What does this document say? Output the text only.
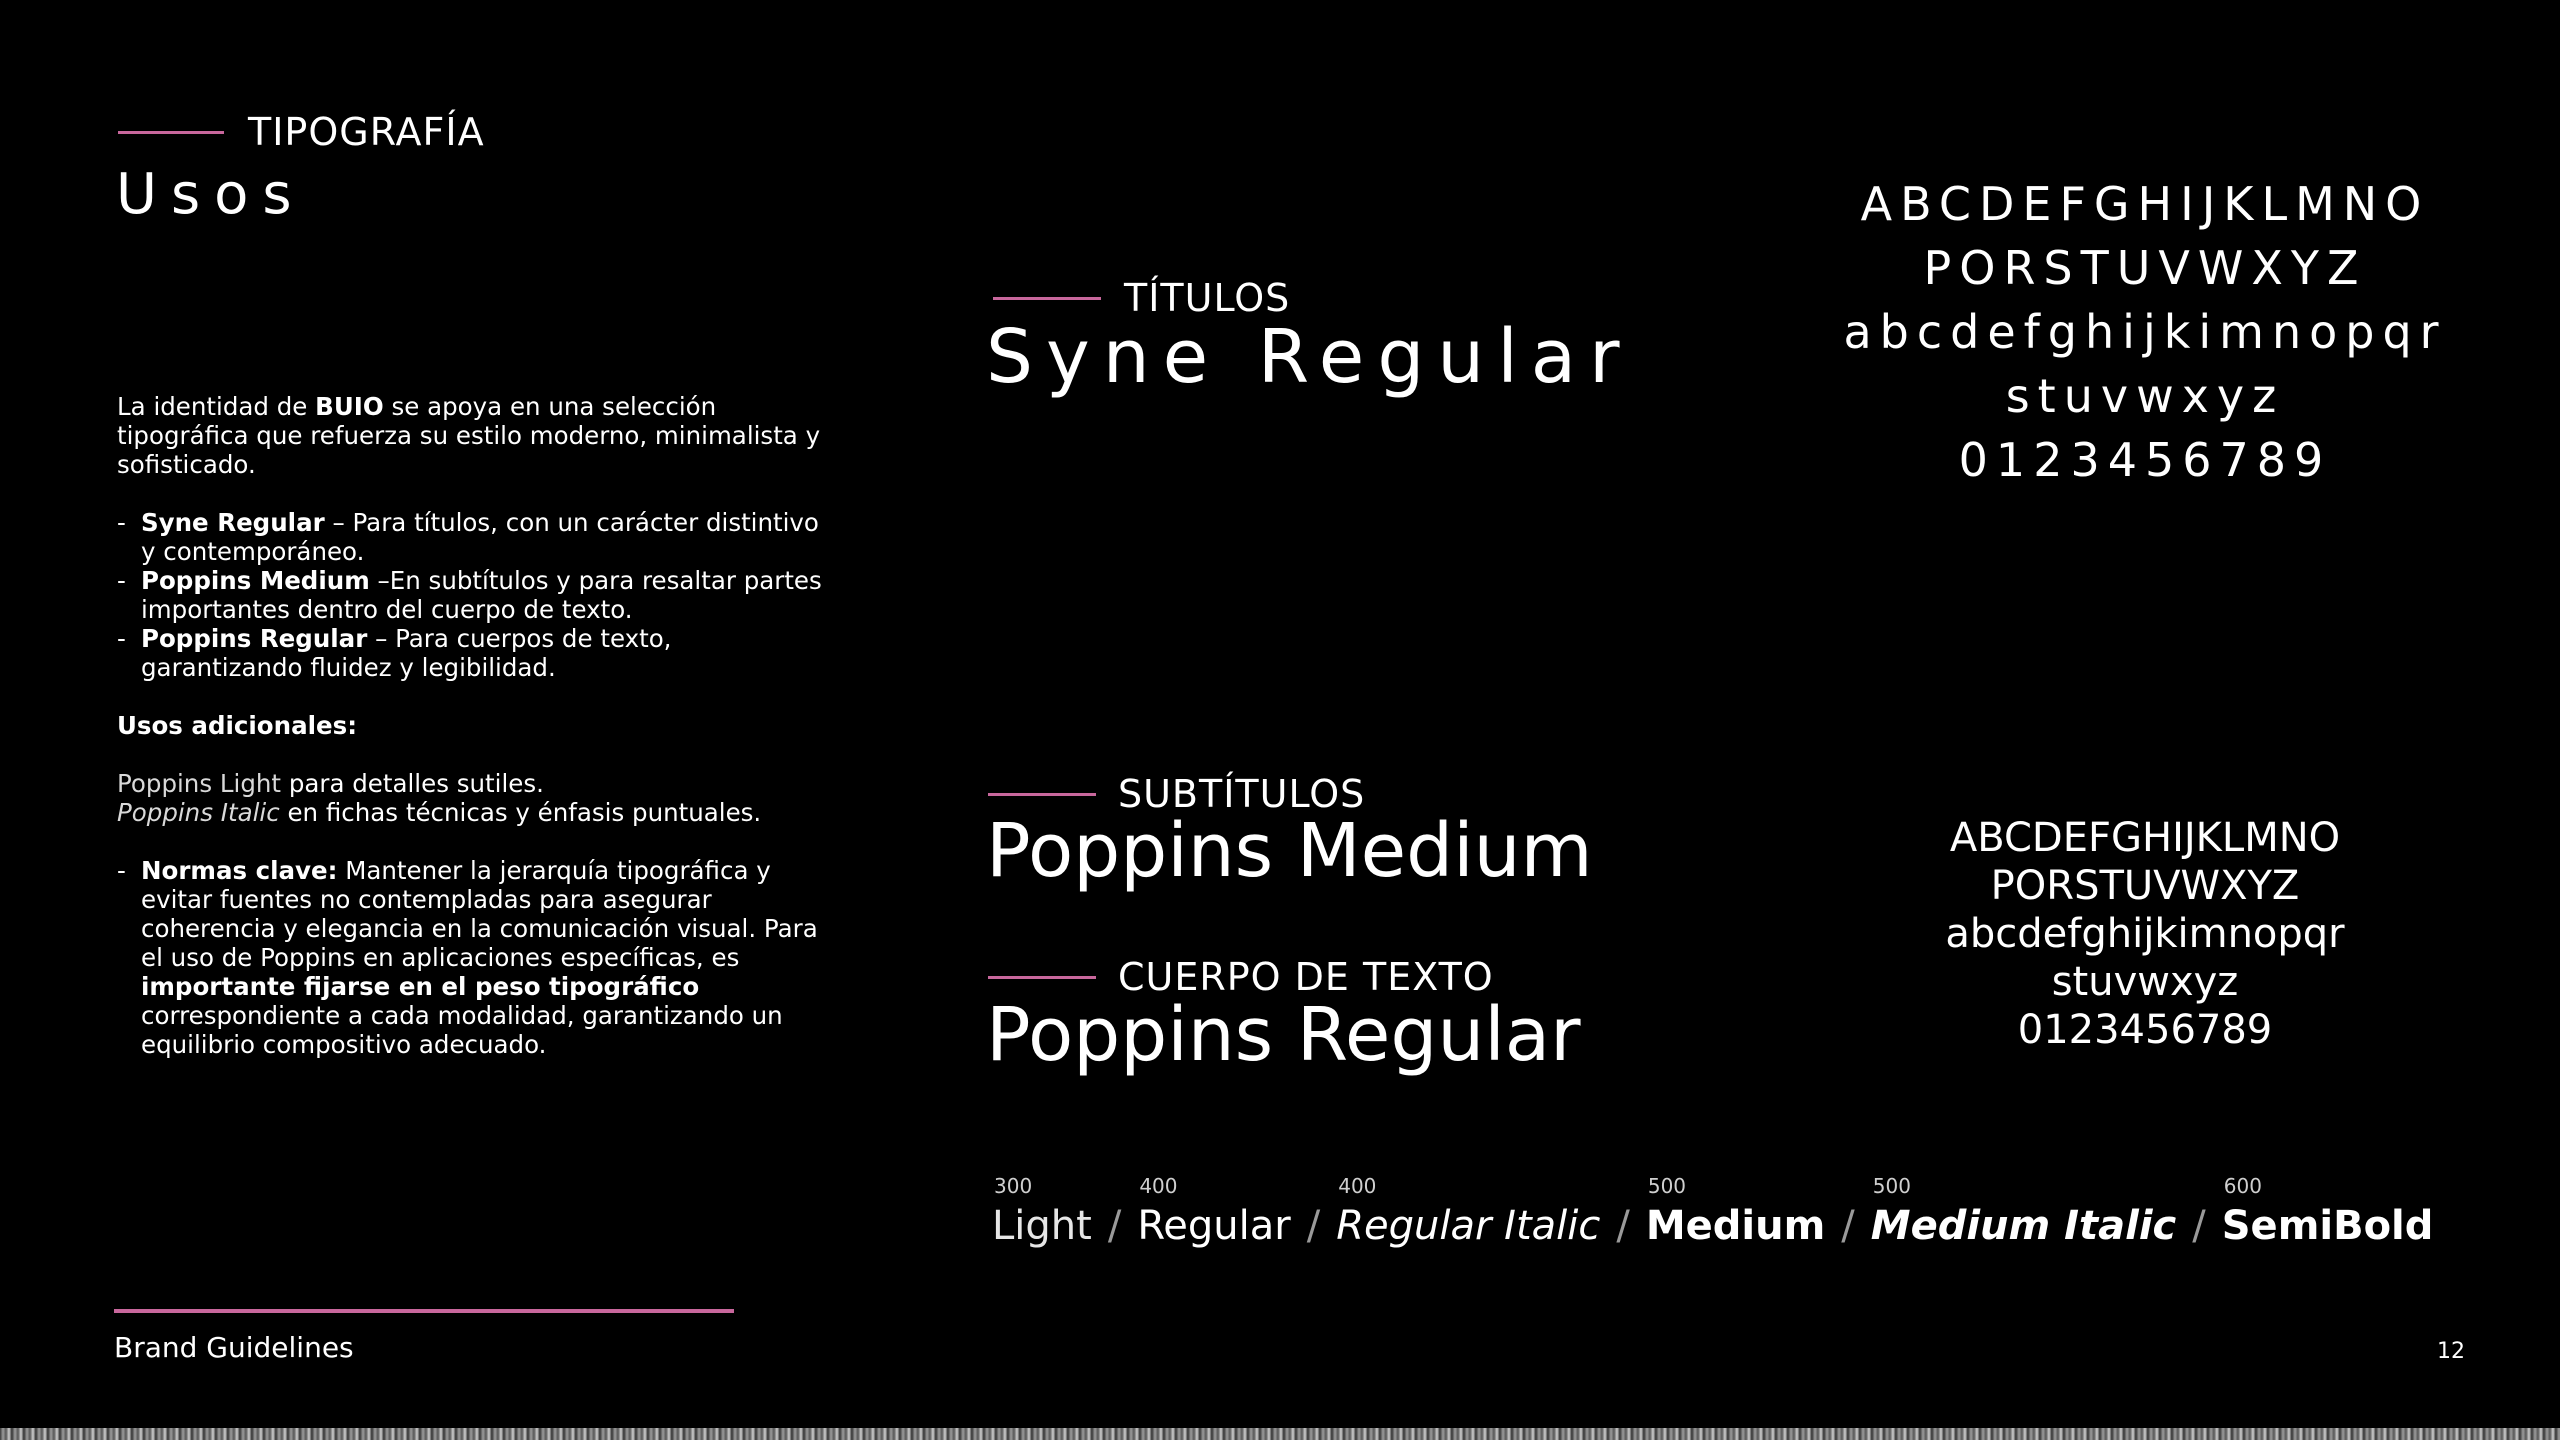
TIPOGRAFÍA
Usos

La identidad de BUIO se apoya en una selección tipográfica que refuerza su estilo moderno, minimalista y sofisticado.

- Syne Regular – Para títulos, con un carácter distintivo y contemporáneo.

- Poppins Medium –En subtítulos y para resaltar partes importantes dentro del cuerpo de texto.

- Poppins Regular – Para cuerpos de texto, garantizando fluidez y legibilidad.

Usos adicionales:

Poppins Light para detalles sutiles.

Poppins Italic en fichas técnicas y énfasis puntuales.

- Normas clave: Mantener la jerarquía tipográfica y evitar fuentes no contempladas para asegurar coherencia y elegancia en la comunicación visual. Para el uso de Poppins en aplicaciones específicas, es importante fijarse en el peso tipográfico correspondiente a cada modalidad, garantizando un equilibrio compositivo adecuado.

TÍTULOS
Syne Regular
ABCDEFGHIJKLMNO
PORSTUVWXYZ
abcdefghijkimnopqr
stuvwxyz
0123456789
SUBTÍTULOS
Poppins Medium
CUERPO DE TEXTO
Poppins Regular
ABCDEFGHIJKLMNO
PORSTUVWXYZ
abcdefghijkimnopqr
stuvwxyz
0123456789
300
Light /
400
Regular /
400
Regular Italic /
500
Medium /
500
Medium Italic /
600
SemiBold
Brand Guidelines	12
